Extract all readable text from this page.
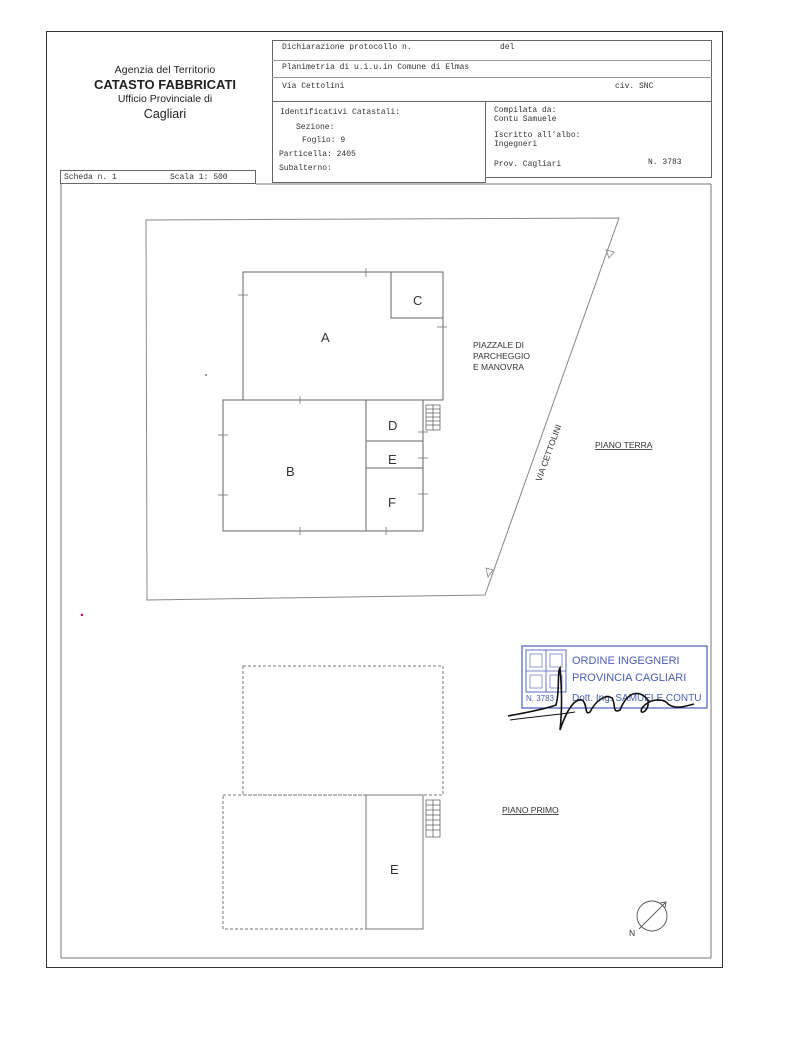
Agenzia del Territorio
CATASTO FABBRICATI
Ufficio Provinciale di
Cagliari
Dichiarazione protocollo n.	del
Planimetria di u.i.u.in Comune di Elmas
Via Cettolini	civ. SNC
Identificativi Catastali:
Sezione:
Foglio: 9
Particella: 2405
Subalterno:
Compilata da:
Contu Samuele
Iscritto all'albo:
Ingegneri
Prov. Cagliari	N. 3783
Scheda n. 1	Scala 1: 500
A
C
B
D
E
F
PIAZZALE DI
PARCHEGGIO
E MANOVRA
VIA CETTOLINI	PIANO TERRA
E
PIANO PRIMO
N
ORDINE INGEGNERI
PROVINCIA CAGLIARI
Dott. Ing. SAMUELE CONTU
N. 3783
